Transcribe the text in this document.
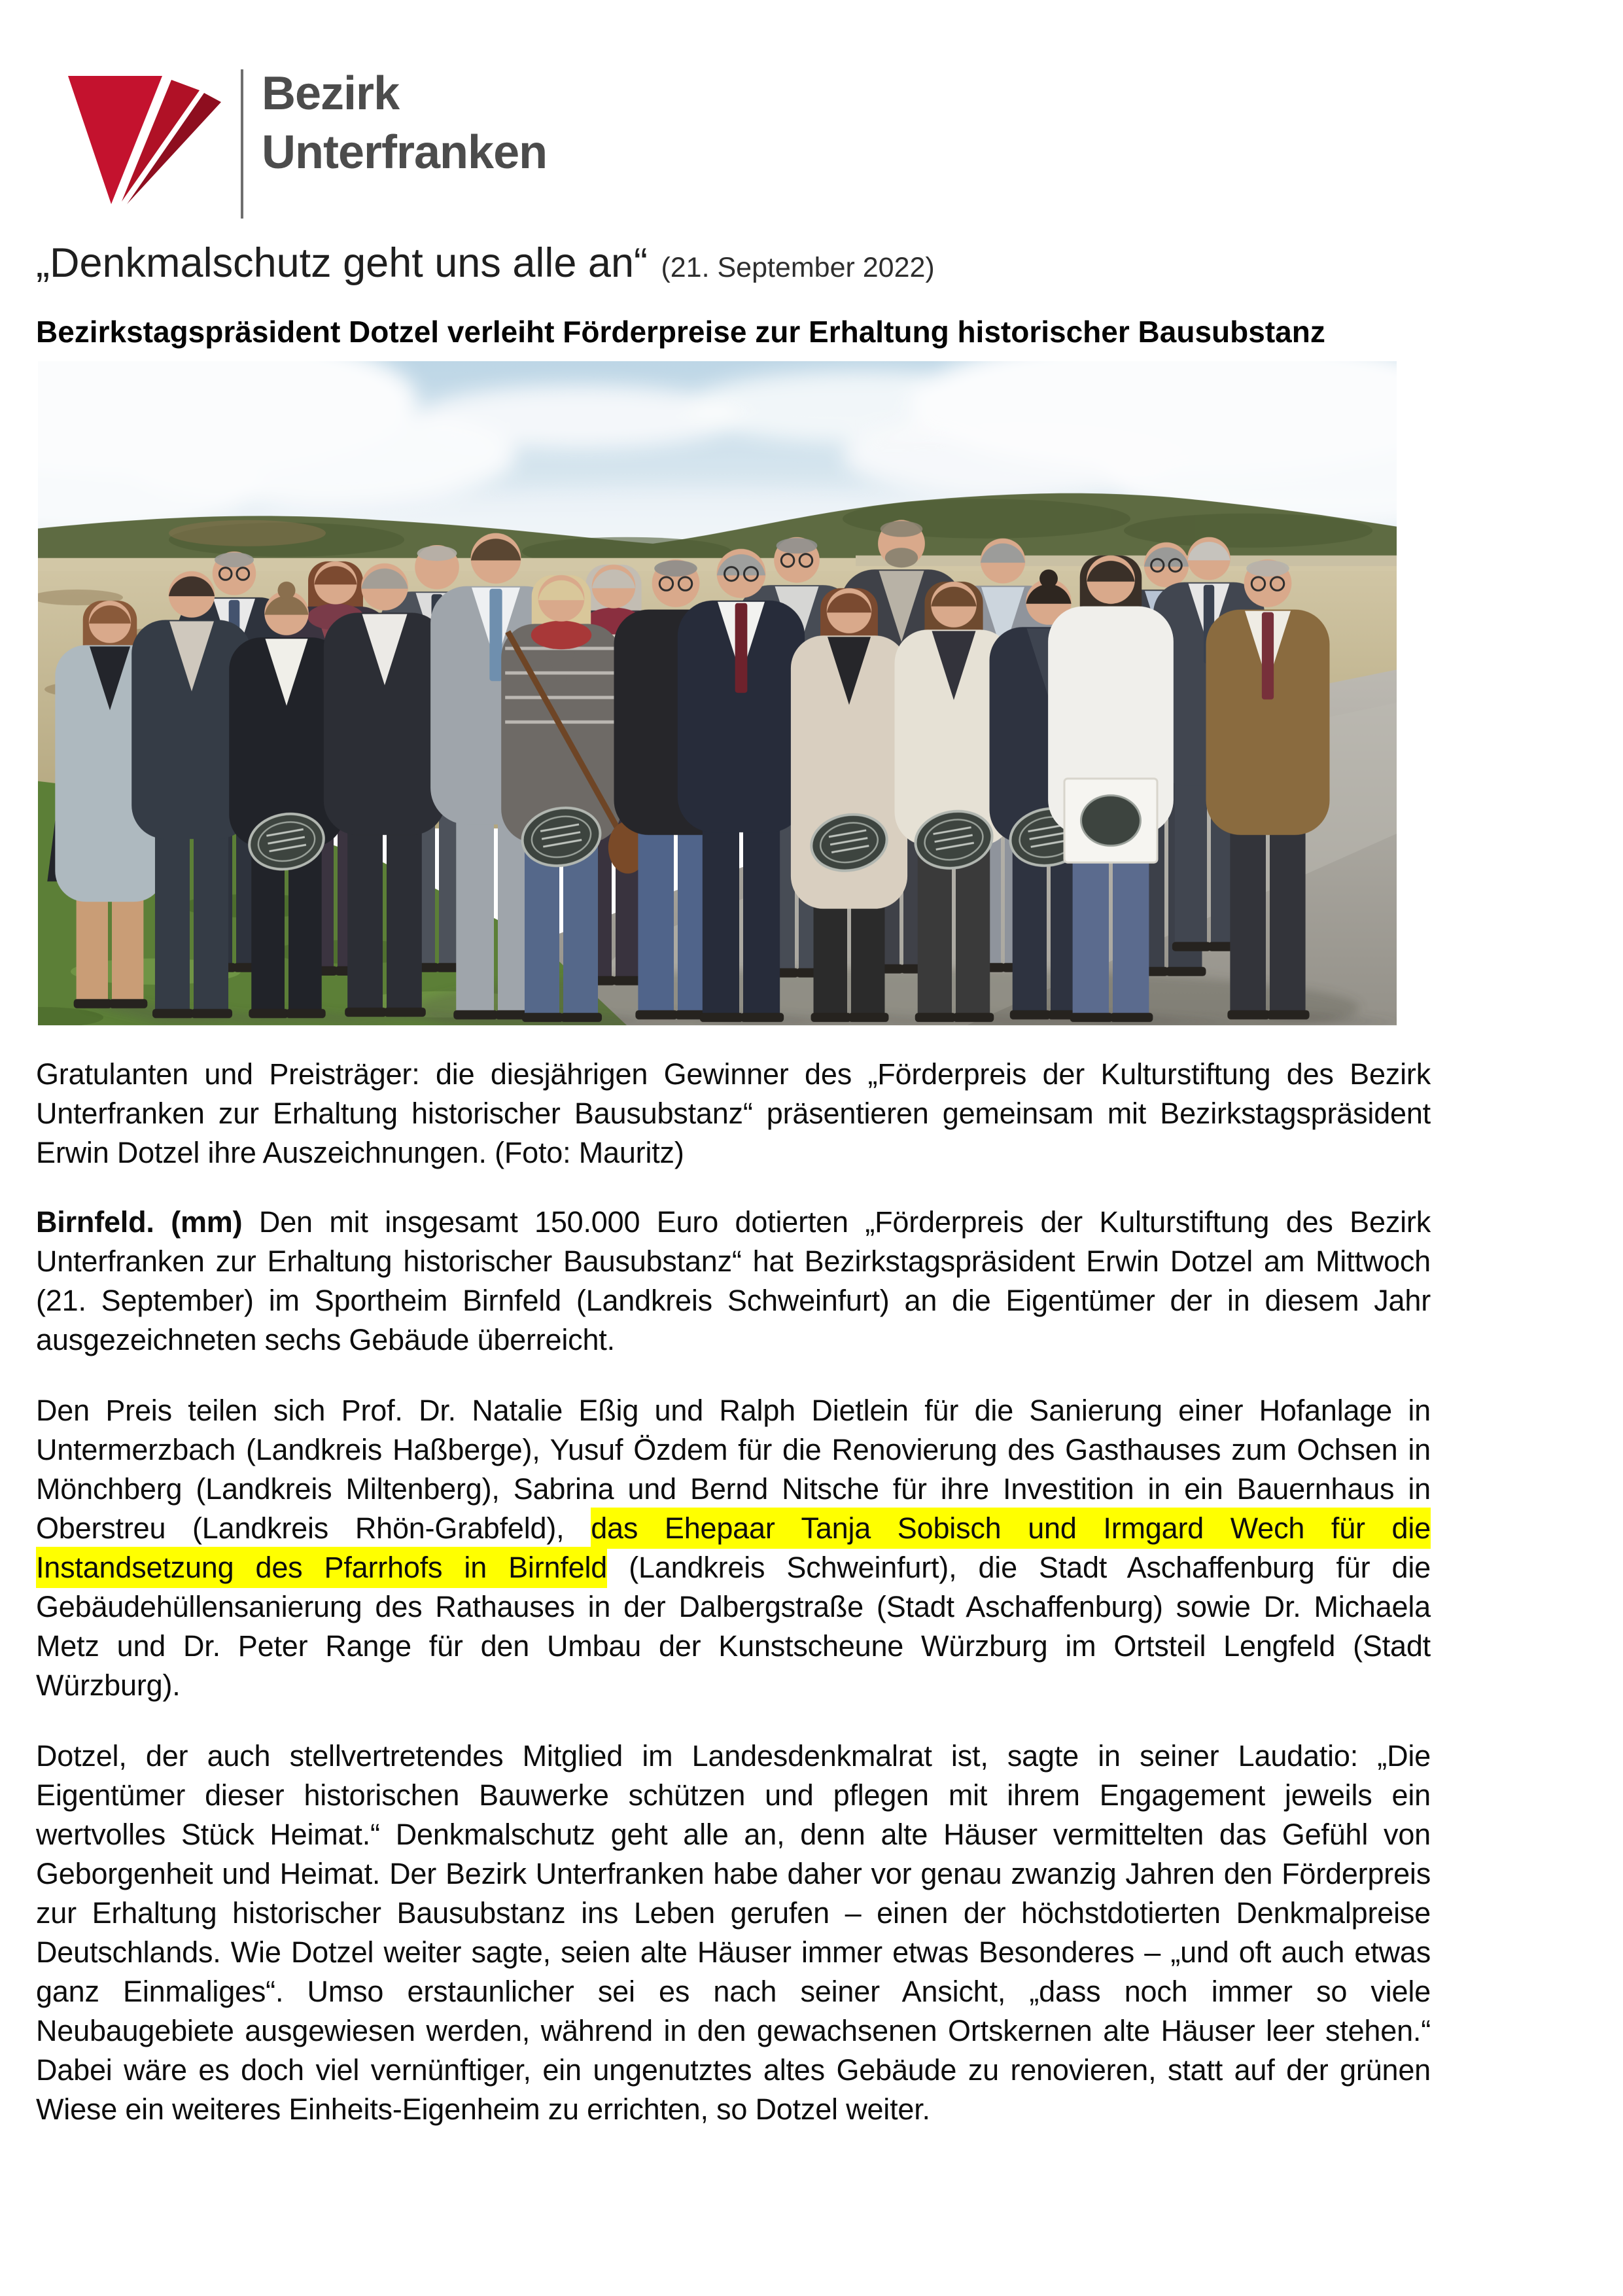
Bezirk
Unterfranken
„Denkmalschutz geht uns alle an“ (21. September 2022)
Bezirkstagspräsident Dotzel verleiht Förderpreise zur Erhaltung historischer Bausubstanz
Gratulanten und Preisträger: die diesjährigen Gewinner des „Förderpreis der Kulturstiftung des Bezirk
Unterfranken zur Erhaltung historischer Bausubstanz“ präsentieren gemeinsam mit Bezirkstagspräsident
Erwin Dotzel ihre Auszeichnungen. (Foto: Mauritz)

Birnfeld. (mm) Den mit insgesamt 150.000 Euro dotierten „Förderpreis der Kulturstiftung des Bezirk Unterfranken zur Erhaltung historischer Bausubstanz“ hat Bezirkstagspräsident Erwin Dotzel am Mittwoch (21. September) im Sportheim Birnfeld (Landkreis Schweinfurt) an die Eigentümer der in diesem Jahr ausgezeichneten sechs Gebäude überreicht.

Den Preis teilen sich Prof. Dr. Natalie Eßig und Ralph Dietlein für die Sanierung einer Hofanlage in Untermerzbach (Landkreis Haßberge), Yusuf Özdem für die Renovierung des Gasthauses zum Ochsen in Mönchberg (Landkreis Miltenberg), Sabrina und Bernd Nitsche für ihre Investition in ein Bauernhaus in Oberstreu (Landkreis Rhön-Grabfeld), das Ehepaar Tanja Sobisch und Irmgard Wech für die Instandsetzung des Pfarrhofs in Birnfeld (Landkreis Schweinfurt), die Stadt Aschaffenburg für die Gebäudehüllensanierung des Rathauses in der Dalbergstraße (Stadt Aschaffenburg) sowie Dr. Michaela Metz und Dr. Peter Range für den Umbau der Kunstscheune Würzburg im Ortsteil Lengfeld (Stadt Würzburg).

Dotzel, der auch stellvertretendes Mitglied im Landesdenkmalrat ist, sagte in seiner Laudatio: „Die Eigentümer dieser historischen Bauwerke schützen und pflegen mit ihrem Engagement jeweils ein wertvolles Stück Heimat.“ Denkmalschutz geht alle an, denn alte Häuser vermittelten das Gefühl von Geborgenheit und Heimat. Der Bezirk Unterfranken habe daher vor genau zwanzig Jahren den Förderpreis zur Erhaltung historischer Bausubstanz ins Leben gerufen – einen der höchstdotierten Denkmalpreise Deutschlands. Wie Dotzel weiter sagte, seien alte Häuser immer etwas Besonderes – „und oft auch etwas ganz Einmaliges“. Umso erstaunlicher sei es nach seiner Ansicht, „dass noch immer so viele Neubaugebiete ausgewiesen werden, während in den gewachsenen Ortskernen alte Häuser leer stehen.“ Dabei wäre es doch viel vernünftiger, ein ungenutztes altes Gebäude zu renovieren, statt auf der grünen Wiese ein weiteres Einheits-Eigenheim zu errichten, so Dotzel weiter.
